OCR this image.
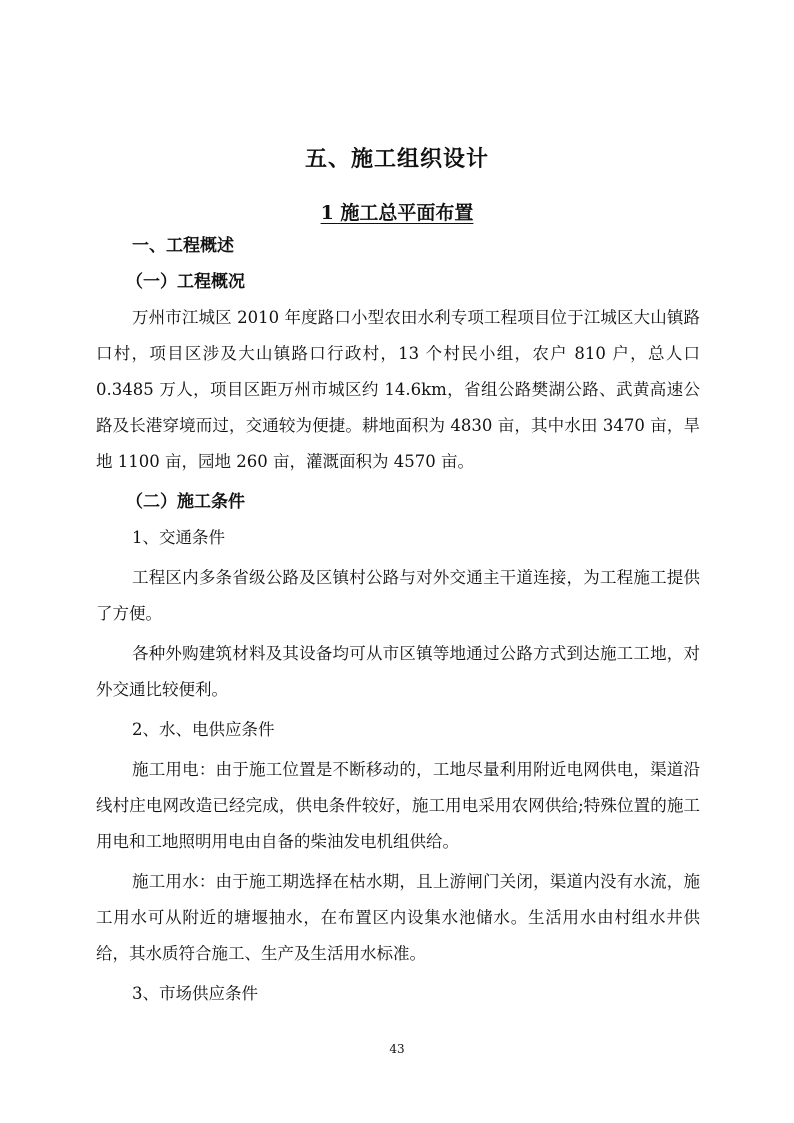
五、施工组织设计
1 施工总平面布置

一、工程概述

（一）工程概况

万州市江城区 2010 年度路口小型农田水利专项工程项目位于江城区大山镇路口村，项目区涉及大山镇路口行政村，13 个村民小组，农户 810 户，总人口 0.3485 万人，项目区距万州市城区约 14.6km，省组公路樊湖公路、武黄高速公路及长港穿境而过，交通较为便捷。耕地面积为 4830 亩，其中水田 3470 亩，旱地 1100 亩，园地 260 亩，灌溉面积为 4570 亩。

（二）施工条件

1、交通条件

工程区内多条省级公路及区镇村公路与对外交通主干道连接，为工程施工提供了方便。

各种外购建筑材料及其设备均可从市区镇等地通过公路方式到达施工工地，对外交通比较便利。

2、水、电供应条件

施工用电：由于施工位置是不断移动的，工地尽量利用附近电网供电，渠道沿线村庄电网改造已经完成，供电条件较好，施工用电采用农网供给;特殊位置的施工用电和工地照明用电由自备的柴油发电机组供给。

施工用水：由于施工期选择在枯水期，且上游闸门关闭，渠道内没有水流，施工用水可从附近的塘堰抽水，在布置区内设集水池储水。生活用水由村组水井供给，其水质符合施工、生产及生活用水标准。

3、市场供应条件

43
